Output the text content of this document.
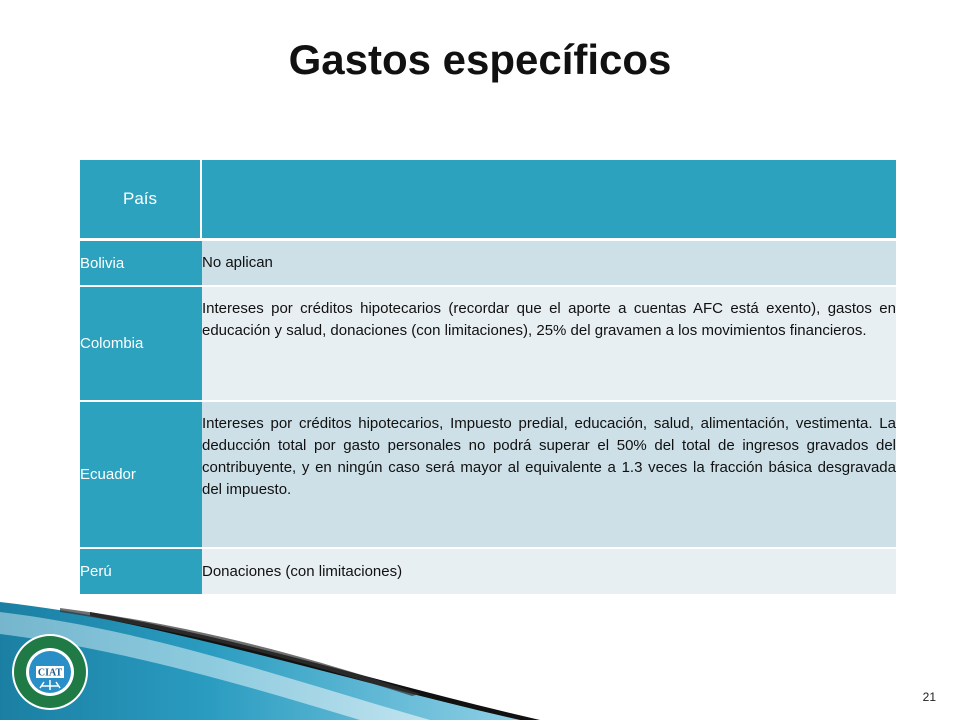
Gastos específicos
País	
Bolivia	No aplican
Colombia	Intereses por créditos hipotecarios (recordar que el aporte a cuentas AFC está exento), gastos en educación y salud, donaciones (con limitaciones), 25% del gravamen a los movimientos financieros.
Ecuador	Intereses por créditos hipotecarios, Impuesto predial, educación, salud, alimentación, vestimenta. La deducción total por gasto personales no podrá superar el 50% del total de ingresos gravados del contribuyente, y en ningún caso será mayor al equivalente a 1.3 veces la fracción básica desgravada del impuesto.
Perú	Donaciones (con limitaciones)
CIAT
21
